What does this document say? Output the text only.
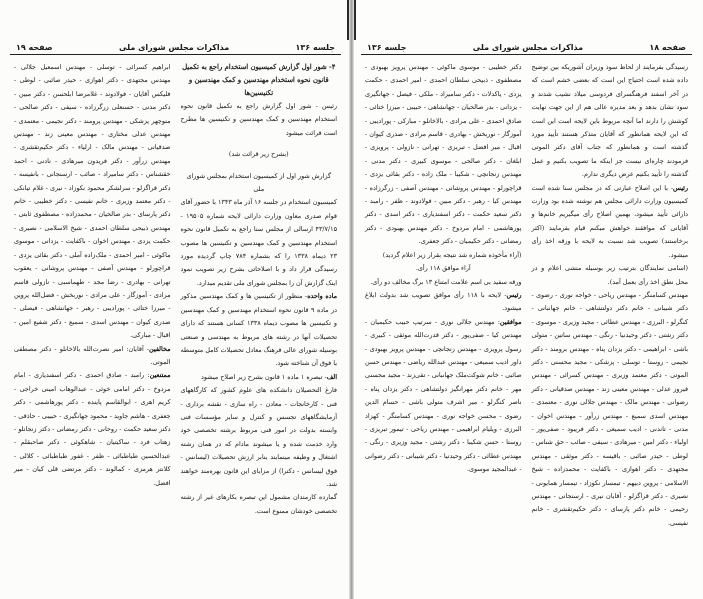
جلسه ۱۳۶
مذاکرات مجلس شورای ملی
صفحه ۱۹

۴- شور اول گزارش کمیسیون استخدام راجع به تکمیل قانون نحوه استخدام مهندسین و کمک مهندسین و تکنیسین‌ها

رئیس - شور اول گزارش راجع به تکمیل قانون نحوه استخدام مهندسین و کمک مهندسین و تکنیسین ها مطرح است قرائت میشود

(بشرح زیر قرائت شد)

گزارش شور اول از کمیسیون استخدام بمجلس شورای ملی

کمیسیون استخدام در جلسه ۱۶ آذر ماه ۱۳۴۳ با حضور آقای قوام صدری معاون وزارت دارائی لایحه شماره ۱۹۵۰۵ - ۴۳/۷/۱۵ ارسالی از مجلس سنا راجع به تکمیل قانون نحوه استخدام مهندسین و کمک مهندسین و تکنیسین ها مصوب ۲۳ دیماه ۱۳۳۸ را که بشماره ۷۸۴ چاپ گردیده مورد رسیدگی قرار داد و با اصلاحاتی بشرح زیر تصویب نمود اینک گزارش آن را بمجلس شورای ملی تقدیم میدارد.

ماده واحده- منظور از تکنیسین ها و کمک مهندسین مذکور در ماده ۹ قانون نحوه استخدام مهندسین و کمک مهندسین و تکنیسین ها مصوب دیماه ۱۳۳۸ کسانی هستند که دارای تحصیلات آنها در رشته های مربوط به مهندسی و صنعتی بوسیله شورای عالی فرهنگ معادل تحصیلات کامل متوسطه یا فوق آن شناخته شود.

الف- تبصره ۱ ماده ۱ قانون بشرح زیر اصلاح میشود

فارغ التحصیلان دانشکده های علوم کشور که کارگاههای فنی - کارخانجات - معادن - راه سازی - نقشه برداری - آزمایشگاههای تجسس و کنترل و سایر مؤسسات فنی وابسته بدولت در امور فنی مربوط برشته تخصصی خود وارد خدمت شده و یا میشوند مادام که در همان رشته اشتغال و وظیفه مینمایند بنابر ارزش تحصیلات (لیسانس - فوق لیسانس - دکترا) از مزایای این قانون بهره‌مند خواهند شد.

گمارده کارمندان مشمول این تبصره بکارهای غیر از رشته تخصصی خودشان ممنوع است.

ابراهیم کسرائی - توسلی - مهندس اسمعیل جلالی - مهندس مجتهدی - دکتر اهوازی - حیدر صائبی - لوطی - فلیکس آقایان - فولادوند - غلامرضا ابلحسن - دکتر مبین - دکتر مدنی - حسنعلی زرگرزاده - سیفی - دکتر صالحی - منوچهر پزشکی - مهندس پرومند - دکتر نجیمی - معتمدی - مهندس عدلی مختاری - مهندس معینی زند - مهندس صدقیانی - مهندس مالک - ارلیاء - دکتر حکیم‌تقشری - مهندس زرآور - دکتر فریدون میرهادی - نادنی - احمد حقشناس - دکتر سامیراد - صائب - ارسنجانی - بانفیسه - دکتر قراگزلو - سرلشکر محمود نکوزاد - نیری - غلام تیانکی - دکتر معتمد وزیری - خانم نفیسی - دکتر خطیبی - خانم دکتر پارسای - بدر صالحیان - محمدزاده - مصطفوی ثابتی - مهندس ذبیحی سلطان احمدی - شیخ الاسلامی - نصیری - حکمت یزدی - مهندس اخوان - باکفایت - یزدانی - موسوی ماکوئی - امیر احمدی - ملک‌زاده آملی - دکتر بقائی یزدی - قراچورلو - مهندس آصفی - مهندس پروشانی - یعقوب تهرانی - بهادری - رضا مجد - طهماسبی - نازولی قاسم مرادی - آموزگار - علی مرادی - نوربخش - فضل‌الله پروین - میرزا ختائی - پورادیبی - رهبر - جهانشاهی - فیصلی - صدری کیوان - مهندس اسدی - سمیع - دکتر شفیع امین - اقبال - مبارکی.

مخالفین- آقایان: امیر نصرت‌الله بالاخانلو - دکتر مصطفی الموتی.

ممتنعین: رامبد - صادق احمدی - دکتر اسفندیاری - امام مردوخ - دکتر امامی خوئی - عبدالوهاب امینی خراجی - کریم اهری - ابوالقاسم پاینده - دکتر پورهاشمی - دکتر جعفری - هاشم جاوید - محمود جهانگیری - حبیبی - حاذقی - دکتر سعید حکمت - روحانی - دکتر رمضانی - دکتر زنجانلو - زهتاب فرد - ساکیتیان - شاهکوئی - دکتر صاحبقلم - عبدالحسین طباطبائی - ظفر - غفور طباطبائی - کلالی - کلانتر هرمزی - کمالوند - دکتر مرتضی قلی کیان - میر افضل.

صفحه ۱۸
مذاکرات مجلس شورای ملی
جلسه ۱۳۶

رسیدگی بفرمایند از لحاظ سود وزیران آشوریکه بین توضیح داده شده است احتیاج این است که بعضی خشم است که در آخر اسفند فرهنگسرای فردوسی میلاد نشیب شدند و سود نشان بدهد و بعد مدیره عالی هم از این جهت نهایت کوشش را دارند اما آنچه مربوط باین لایحه است این است که این لایحه همانطور که آقایان متذکر هستند تأیید مورد گذشته است و همانطور که جناب آقای دکتر الموتی فرمودند چاره‌ای نیست جز اینکه ما تصویب بکنیم و عمل گذشته را تأیید بکنیم عرض دیگری ندارم.

رئیس- با این اصلاح عبارتی که در مجلس سنا شده است کمیسیون وزارت دارائی مجلس هم نوشته شده بود وزارت دارائی تأیید میشود، بهمین اصلاح رأی میگیریم خانم‌ها و آقایانی که موافقند خواهش میکنم قیام بفرمایند (اکثر برخاستند) تصویب شد نسبت به لایحه با ورقه اخذ رأی میشود.

(اسامی نمایندگان بترتیب زیر بوسیله منشی اعلام و در محل نطق اخذ رأی بعمل آمد).

مهندس کسامنگر - مهندس ریاحی - خواجه نوری - رضوی - دکتر شیبانی - خانم دکتر دولتشاهی - خانم جهانبانی - کنگرلو - البرزی - مهندس عطائی - مجید وزیری - موسوی - دکتر رشتی - دکتر وحیدنیا - رنگی - مهندس ساتین - متولی باشی - ابراهیمی - دکتر یزدان پناه - مهندس برومند - دکتر نجیمی - روستا - توسلی - پزشکی - مجید محسنی - دکتر الموتی - دکتر معتمد وزیری - مهندس کسرائی - مهندس فیروز عدلی - مهندس معینی زند - مهندس صدقیانی - دکتر رضوانی - مهندس مالک - مهندس جلالی نوری - معتمدی - مهندس اسدی سمیع - مهندس زرآور - مهندس اخوان - مدنی - تاندنی - ادیب سمیعی - دکتر فریبود - صفی‌پور - اولیاء - دکتر امین - میرهادی - سیفی - صائب - حق شناس - لوطی - حیدر صائبی - باقیسه - دکتر موثقی - مهندس مجتهدی - دکتر اهوازی - باکفایت - محمدزاده - شیخ الاسلامی - پروین دبیهم - تیمسار نکوزاد - تیمسار همایونی - نصیری - دکتر قراگزلو - آقایان نیری - ارسنجانی - مهندس رحیمی - خانم دکتر پارسای - دکتر حکیم‌تقشری - خانم نفیسی.

دکتر خطیبی - موسوی ماکوئی - مهندس پرویز بهبودی - مصطفوی - ذبیحی سلطان احمدی - امیر احمدی - حکمت یزدی - یاکدلات - دکتر سامیراد - ملکی - فیصل - جهانگیری - یزدانی - بدر صالحیان - جهانشاهی - حبیبی - میرزا ختائی - صادق احمدی - علی مرادی - بالاخانلو - مبارکی - پورادیبی - آموزگار - نوربخش - بهادری - قاسم مرادی - صدری کیوان - اقبال - میر افضل - تبریزی - تهرانی - نازولی - پرویزی - ابلغان - دکتر صالحی - موسوی کبیری - دکتر مدنی - مهندس زنجانچی - شکیبا - ملک زاده - دکتر بقائی یزدی - قراچورلو - مهندس پروشانی - مهندس آصفی - زرگرزاده - مهندس کیا - رهبر - دکتر مبین - فولادوند - ظفر - رامبد - دکتر سعید حکمت - دکتر اسفندیاری - دکتر اسدی - دکتر پورهاشمی - امام مردوخ - دکتر مهندس بهبودی - دکتر رمضانی - دکتر حکیمیان - دکتر جعفری.

(آراء مأخوذه شماره شد نتیجه بقرار زیر اعلام گردید)

آراء موافق ۱۱۸ رأی.

ورقه سفید بی اسم علامت امتناع ۱۳ برگ مخالف دو رأی.

رئیس- لایحه با ۱۱۸ رأی موافق تصویب شد بدولت ابلاغ میشود.

موافقین: مهندس جلالی نوری - سرتیپ حبیب حکیمیان - مهندس کیا - صفی‌پور - دکتر قدرت‌الله موثقی - کبیری - رسول پرویزی - مهندس زنجانچی - مهندس پرویز بهبودی - داور ادیب سمیعی - مهندس عبدالله ریاضی - مهندس حسن صائبی - خانم شوکت‌ملک جهانبانی - تقی‌زند - مجید محسنی مهر - خانم دکتر مهرانگیز دولتشاهی - دکتر یزدان پناه - ناصر کنگرلو - میر اشرف متولی باشی - حسام الدین رضوی - محسن خواجه نوری - مهندس کسامنگر - کهزاد البرزی - ویلیام ابراهیمی - مهندس ریاحی - تیمور تبریزی - روستا - حسن شکیبا - دکتر رشتی - مجید وزیری - رنگی - مهندس عطائی - دکتر وحیدنیا - دکتر شیبانی - دکتر رضوانی - عبدالمجید موسوی.
